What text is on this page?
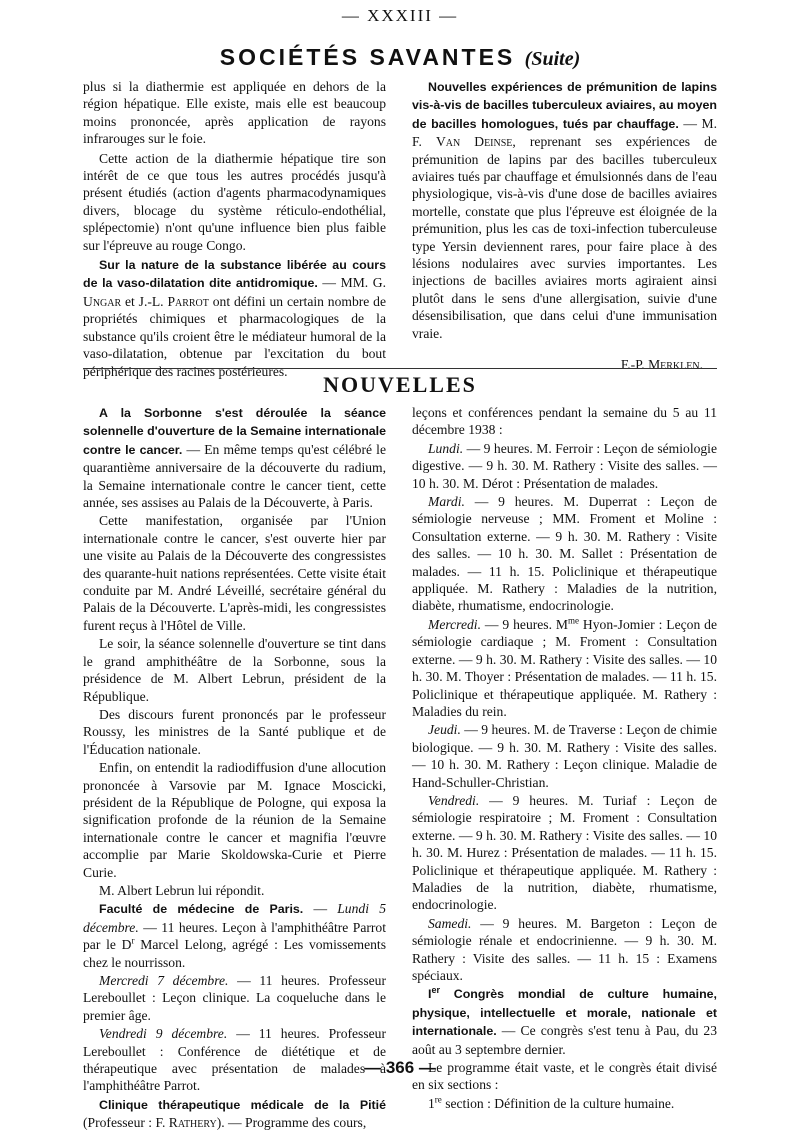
— XXXIII —
SOCIÉTÉS SAVANTES (Suite)

plus si la diathermie est appliquée en dehors de la région hépatique. Elle existe, mais elle est beaucoup moins prononcée, après application de rayons infrarouges sur le foie.

Cette action de la diathermie hépatique tire son intérêt de ce que tous les autres procédés jusqu'à présent étudiés (action d'agents pharmacodynamiques divers, blocage du système réticulo-endothélial, splépectomie) n'ont qu'une influence bien plus faible sur l'épreuve au rouge Congo.

Sur la nature de la substance libérée au cours de la vaso-dilatation dite antidromique. — MM. G. Ungar et J.-L. Parrot ont défini un certain nombre de propriétés chimiques et pharmacologiques de la substance qu'ils croient être le médiateur humoral de la vaso-dilatation, obtenue par l'excitation du bout périphérique des racines postérieures.

Nouvelles expériences de prémunition de lapins vis-à-vis de bacilles tuberculeux aviaires, au moyen de bacilles homologues, tués par chauffage. — M. F. Van Deinse, reprenant ses expériences de prémunition de lapins par des bacilles tuberculeux aviaires tués par chauffage et émulsionnés dans de l'eau physiologique, vis-à-vis d'une dose de bacilles aviaires mortelle, constate que plus l'épreuve est éloignée de la prémunition, plus les cas de toxi-infection tuberculeuse type Yersin deviennent rares, pour faire place à des lésions nodulaires avec survies importantes. Les injections de bacilles aviaires morts agiraient ainsi plutôt dans le sens d'une allergisation, suivie d'une désensibilisation, que dans celui d'une immunisation vraie.

F.-P. Merklen.

NOUVELLES

A la Sorbonne s'est déroulée la séance solennelle d'ouverture de la Semaine internationale contre le cancer. — En même temps qu'est célébré le quarantième anniversaire de la découverte du radium, la Semaine internationale contre le cancer tient, cette année, ses assises au Palais de la Découverte, à Paris.

Cette manifestation, organisée par l'Union internationale contre le cancer, s'est ouverte hier par une visite au Palais de la Découverte des congressistes des quarante-huit nations représentées. Cette visite était conduite par M. André Léveillé, secrétaire général du Palais de la Découverte. L'après-midi, les congressistes furent reçus à l'Hôtel de Ville.

Le soir, la séance solennelle d'ouverture se tint dans le grand amphithéâtre de la Sorbonne, sous la présidence de M. Albert Lebrun, président de la République.

Des discours furent prononcés par le professeur Roussy, les ministres de la Santé publique et de l'Éducation nationale.

Enfin, on entendit la radiodiffusion d'une allocution prononcée à Varsovie par M. Ignace Moscicki, président de la République de Pologne, qui exposa la signification profonde de la réunion de la Semaine internationale contre le cancer et magnifia l'œuvre accomplie par Marie Skoldowska-Curie et Pierre Curie.

M. Albert Lebrun lui répondit.

Faculté de médecine de Paris. — Lundi 5 décembre. — 11 heures. Leçon à l'amphithéâtre Parrot par le $D^r$ Marcel Lelong, agrégé : Les vomissements chez le nourrisson.

Mercredi 7 décembre. — 11 heures. Professeur Lereboullet : Leçon clinique. La coqueluche dans le premier âge.

Vendredi 9 décembre. — 11 heures. Professeur Lereboullet : Conférence de diététique et de thérapeutique avec présentation de malades à l'amphithéâtre Parrot.

Clinique thérapeutique médicale de la Pitié (Professeur : F. Rathery). — Programme des cours,

leçons et conférences pendant la semaine du 5 au 11 décembre 1938 :

Lundi. — 9 heures. M. Ferroir : Leçon de sémiologie digestive. — 9 h. 30. M. Rathery : Visite des salles. — 10 h. 30. M. Dérot : Présentation de malades.

Mardi. — 9 heures. M. Duperrat : Leçon de sémiologie nerveuse ; MM. Froment et Moline : Consultation externe. — 9 h. 30. M. Rathery : Visite des salles. — 10 h. 30. M. Sallet : Présentation de malades. — 11 h. 15. Policlinique et thérapeutique appliquée. M. Rathery : Maladies de la nutrition, diabète, rhumatisme, endocrinologie.

Mercredi. — 9 heures. $M^{me}$ Hyon-Jomier : Leçon de sémiologie cardiaque ; M. Froment : Consultation externe. — 9 h. 30. M. Rathery : Visite des salles. — 10 h. 30. M. Thoyer : Présentation de malades. — 11 h. 15. Policlinique et thérapeutique appliquée. M. Rathery : Maladies du rein.

Jeudi. — 9 heures. M. de Traverse : Leçon de chimie biologique. — 9 h. 30. M. Rathery : Visite des salles. — 10 h. 30. M. Rathery : Leçon clinique. Maladie de Hand-Schuller-Christian.

Vendredi. — 9 heures. M. Turiaf : Leçon de sémiologie respiratoire ; M. Froment : Consultation externe. — 9 h. 30. M. Rathery : Visite des salles. — 10 h. 30. M. Hurez : Présentation de malades. — 11 h. 15. Policlinique et thérapeutique appliquée. M. Rathery : Maladies de la nutrition, diabète, rhumatisme, endocrinologie.

Samedi. — 9 heures. M. Bargeton : Leçon de sémiologie rénale et endocrinienne. — 9 h. 30. M. Rathery : Visite des salles. — 11 h. 15 : Examens spéciaux.

Ier Congrès mondial de culture humaine, physique, intellectuelle et morale, nationale et internationale. — Ce congrès s'est tenu à Pau, du 23 août au 3 septembre dernier.

Le programme était vaste, et le congrès était divisé en six sections :

1re section : Définition de la culture humaine.

— 366 —
